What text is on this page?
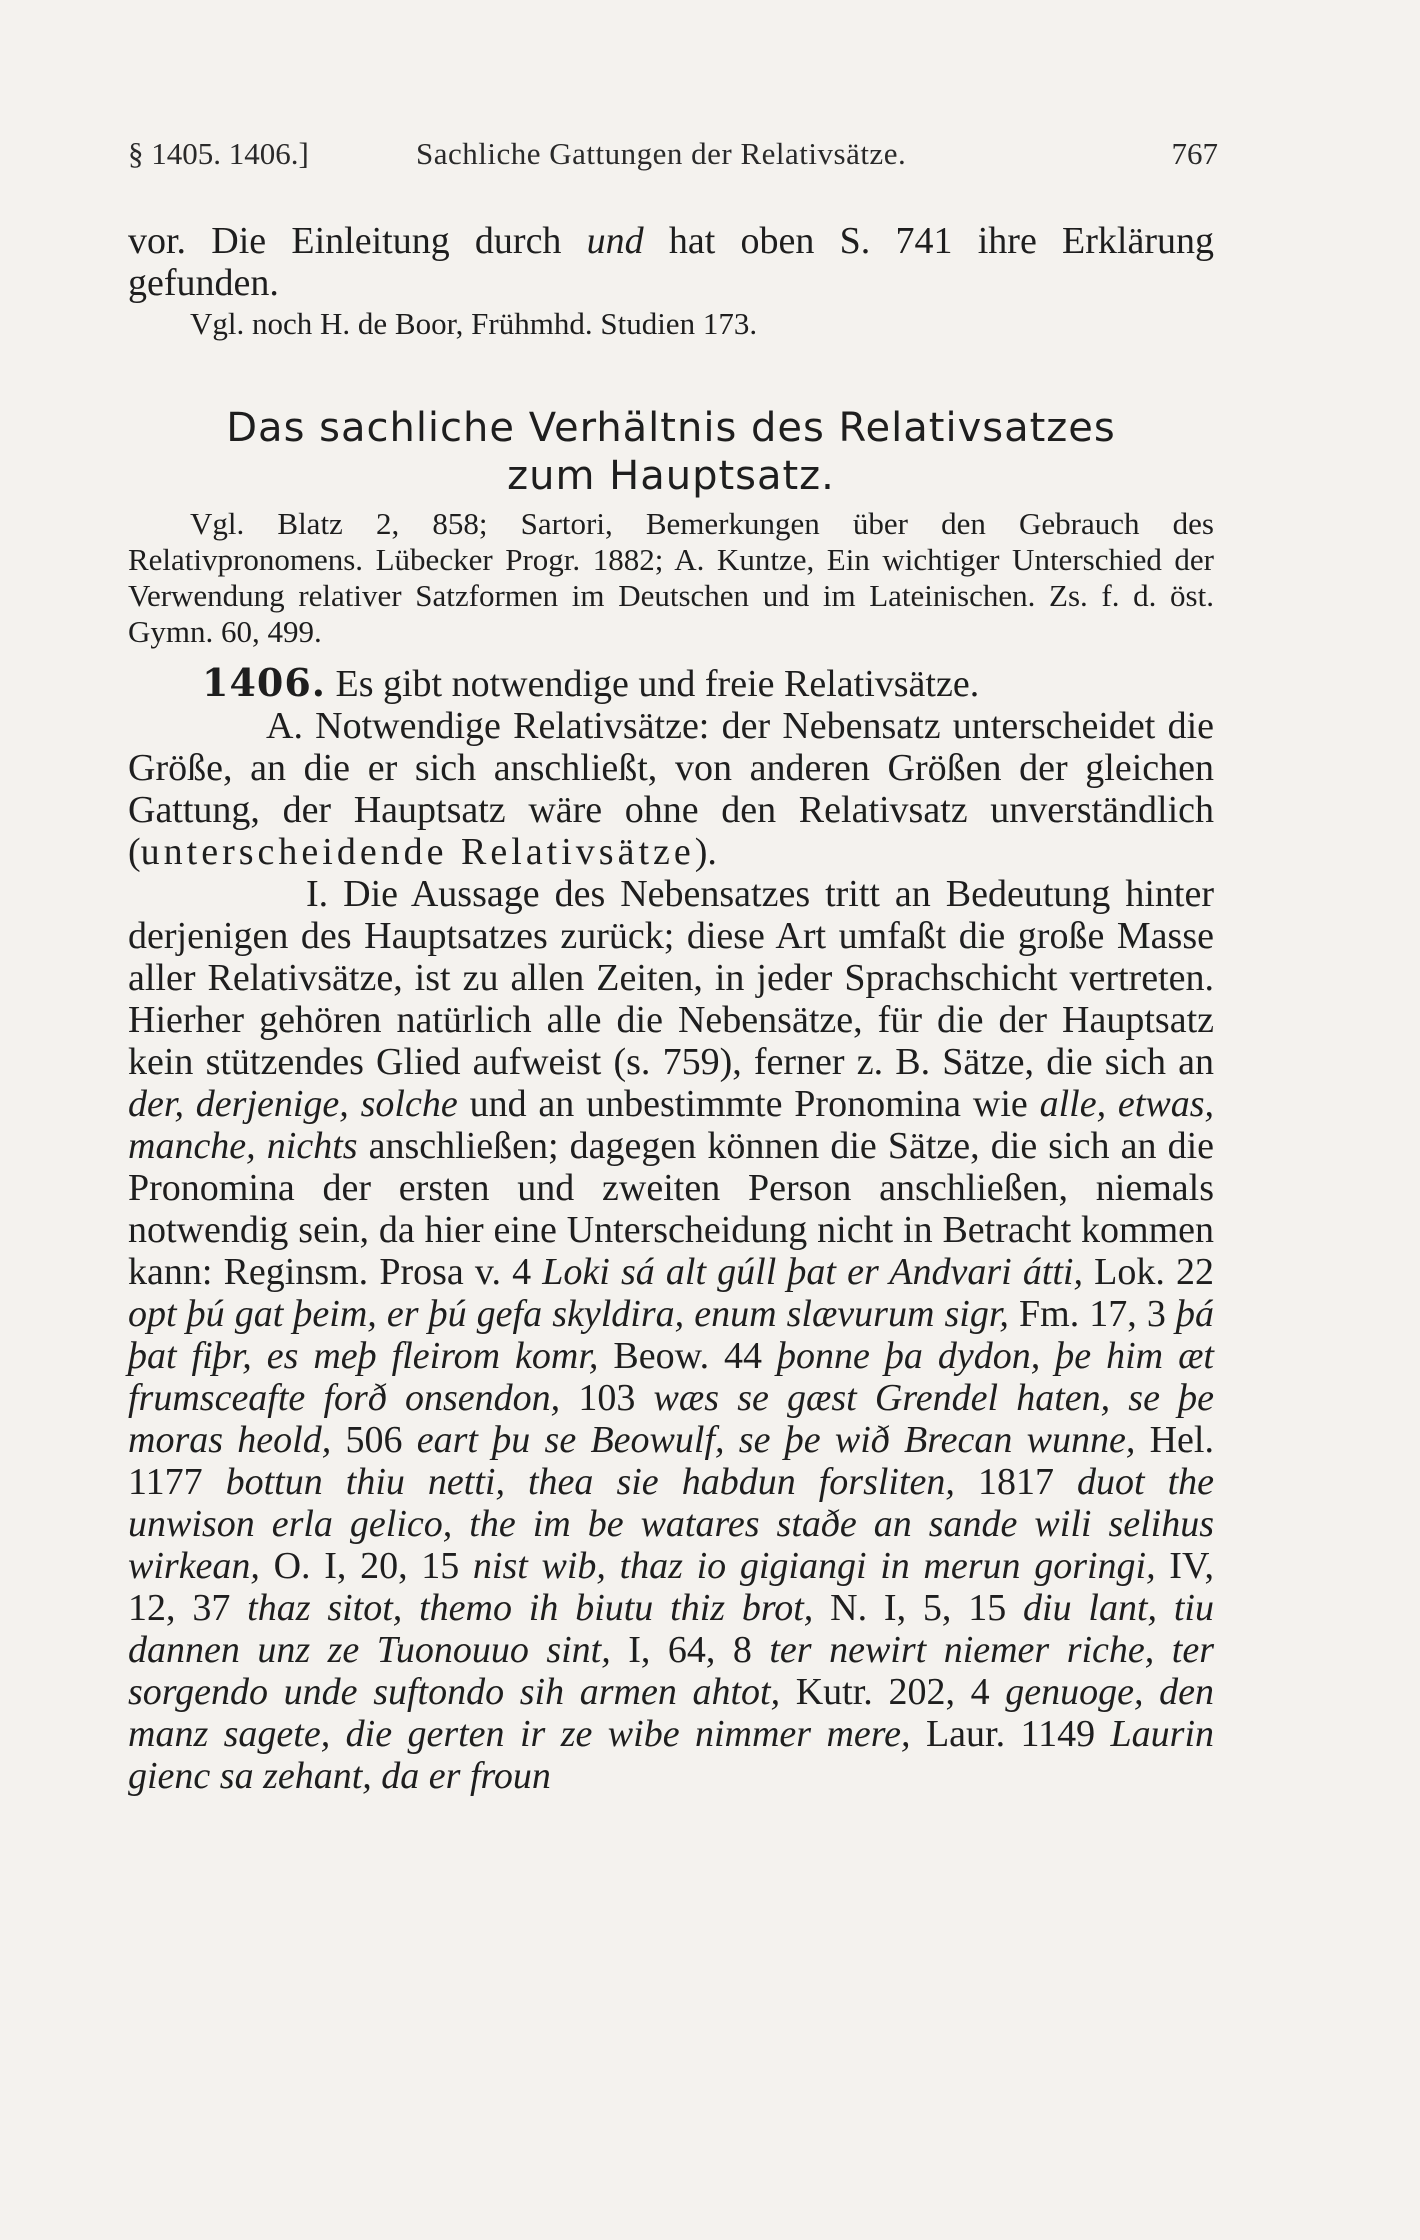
§ 1405. 1406.]	Sachliche Gattungen der Relativsätze.	767

vor. Die Einleitung durch und hat oben S. 741 ihre Erklärung gefunden.

Vgl. noch H. de Boor, Frühmhd. Studien 173.

Das sachliche Verhältnis des Relativsatzes
zum Hauptsatz.
Vgl. Blatz 2, 858; Sartori, Bemerkungen über den Gebrauch des Relativpronomens. Lübecker Progr. 1882; A. Kuntze, Ein wichtiger Unterschied der Verwendung relativer Satzformen im Deutschen und im Lateinischen. Zs. f. d. öst. Gymn. 60, 499.

1406. Es gibt notwendige und freie Relativsätze.

A. Notwendige Relativsätze: der Nebensatz unterscheidet die Größe, an die er sich anschließt, von anderen Größen der gleichen Gattung, der Hauptsatz wäre ohne den Relativsatz unverständlich (unterscheidende Relativsätze).

I. Die Aussage des Nebensatzes tritt an Bedeutung hinter derjenigen des Hauptsatzes zurück; diese Art umfaßt die große Masse aller Relativsätze, ist zu allen Zeiten, in jeder Sprachschicht vertreten. Hierher gehören natürlich alle die Nebensätze, für die der Hauptsatz kein stützendes Glied aufweist (s. 759), ferner z. B. Sätze, die sich an der, derjenige, solche und an unbestimmte Pronomina wie alle, etwas, manche, nichts anschließen; dagegen können die Sätze, die sich an die Pronomina der ersten und zweiten Person anschließen, niemals notwendig sein, da hier eine Unterscheidung nicht in Betracht kommen kann: Reginsm. Prosa v. 4 Loki sá alt gúll þat er Andvari átti, Lok. 22 opt þú gat þeim, er þú gefa skyldira, enum slævurum sigr, Fm. 17, 3 þá þat fiþr, es meþ fleirom komr, Beow. 44 þonne þa dydon, þe him æt frumsceafte forð onsendon, 103 wæs se gæst Grendel haten, se þe moras heold, 506 eart þu se Beowulf, se þe wið Brecan wunne, Hel. 1177 bottun thiu netti, thea sie habdun forsliten, 1817 duot the unwison erla gelico, the im be watares staðe an sande wili selihus wirkean, O. I, 20, 15 nist wib, thaz io gigiangi in merun goringi, IV, 12, 37 thaz sitot, themo ih biutu thiz brot, N. I, 5, 15 diu lant, tiu dannen unz ze Tuonouuo sint, I, 64, 8 ter newirt niemer riche, ter sorgendo unde suftondo sih armen ahtot, Kutr. 202, 4 genuoge, den manz sagete, die gerten ir ze wibe nimmer mere, Laur. 1149 Laurin gienc sa zehant, da er froun
